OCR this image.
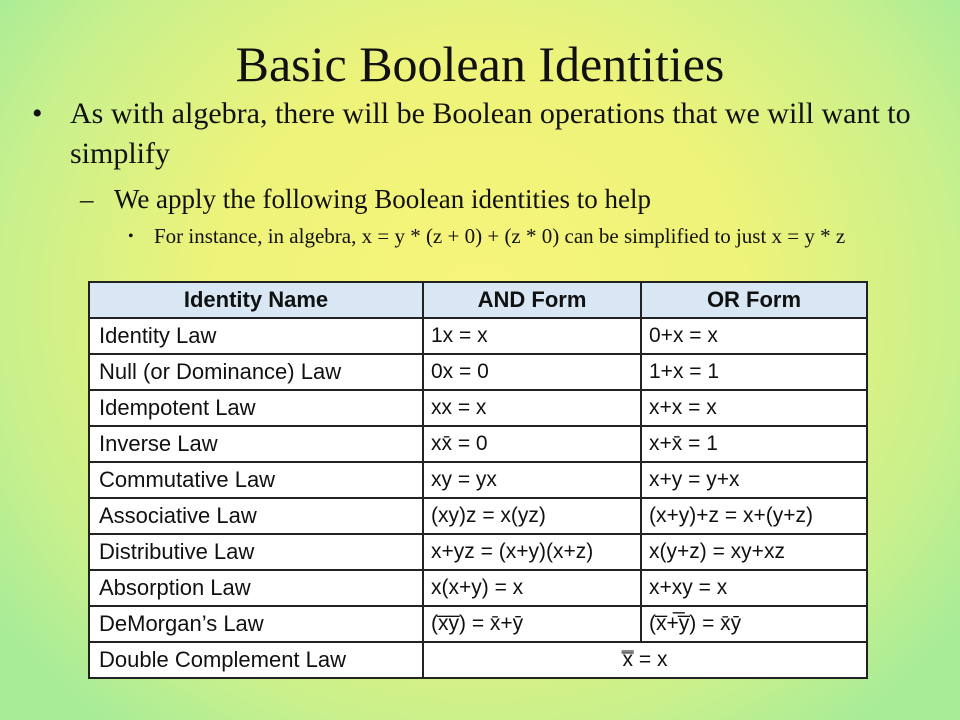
Basic Boolean Identities
• As with algebra, there will be Boolean operations that we will want to simplify
– We apply the following Boolean identities to help
• For instance, in algebra, x = y * (z + 0) + (z * 0) can be simplified to just x = y * z
Identity Name	AND Form	OR Form
Identity Law	1x = x	0+x = x
Null (or Dominance) Law	0x = 0	1+x = 1
Idempotent Law	xx = x	x+x = x
Inverse Law	xx̄ = 0	x+x̄ = 1
Commutative Law	xy = yx	x+y = y+x
Associative Law	(xy)z = x(yz)	(x+y)+z = x+(y+z)
Distributive Law	x+yz = (x+y)(x+z)	x(y+z) = xy+xz
Absorption Law	x(x+y) = x	x+xy = x
DeMorgan’s Law	(x̅y̅) = x̄+ȳ	(x̅+̅y̅) = x̄ȳ
Double Complement Law	x̿ = x	
